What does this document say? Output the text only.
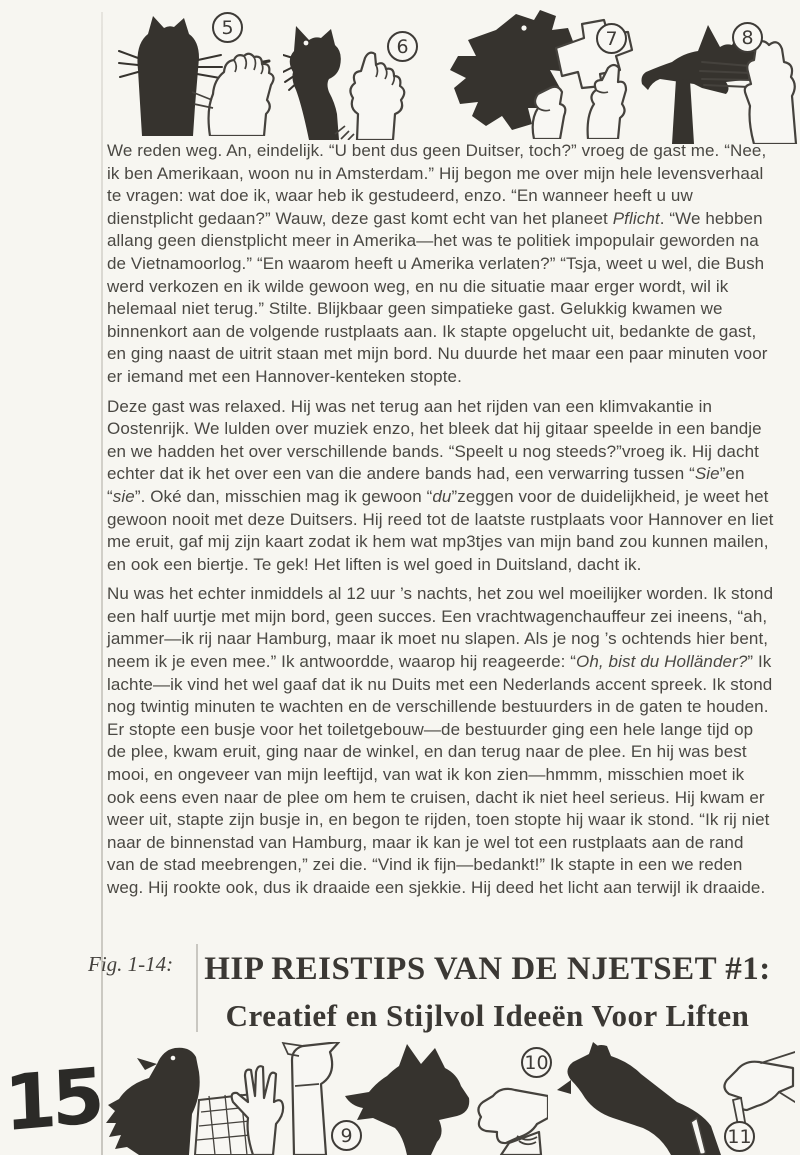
We reden weg. An, eindelijk. “U bent dus geen Duitser, toch?” vroeg de gast me. “Nee, ik ben Amerikaan, woon nu in Amsterdam.” Hij begon me over mijn hele levensverhaal te vragen: wat doe ik, waar heb ik gestudeerd, enzo. “En wanneer heeft u uw dienstplicht gedaan?” Wauw, deze gast komt echt van het planeet Pflicht. “We hebben allang geen dienstplicht meer in Amerika—het was te politiek impopulair geworden na de Vietnamoorlog.” “En waarom heeft u Amerika verlaten?” “Tsja, weet u wel, die Bush werd verkozen en ik wilde gewoon weg, en nu die situatie maar erger wordt, wil ik helemaal niet terug.” Stilte. Blijkbaar geen simpatieke gast. Gelukkig kwamen we binnenkort aan de volgende rustplaats aan. Ik stapte opgelucht uit, bedankte de gast, en ging naast de uitrit staan met mijn bord. Nu duurde het maar een paar minuten voor er iemand met een Hannover-kenteken stopte.

Deze gast was relaxed. Hij was net terug aan het rijden van een klimvakantie in Oostenrijk. We lulden over muziek enzo, het bleek dat hij gitaar speelde in een bandje en we hadden het over verschillende bands. “Speelt u nog steeds?”vroeg ik. Hij dacht echter dat ik het over een van die andere bands had, een verwarring tussen “Sie”en “sie”. Oké dan, misschien mag ik gewoon “du”zeggen voor de duidelijkheid, je weet het gewoon nooit met deze Duitsers. Hij reed tot de laatste rustplaats voor Hannover en liet me eruit, gaf mij zijn kaart zodat ik hem wat mp3tjes van mijn band zou kunnen mailen, en ook een biertje. Te gek! Het liften is wel goed in Duitsland, dacht ik.

Nu was het echter inmiddels al 12 uur ’s nachts, het zou wel moeilijker worden. Ik stond een half uurtje met mijn bord, geen succes. Een vrachtwagenchauffeur zei ineens, “ah, jammer—ik rij naar Hamburg, maar ik moet nu slapen. Als je nog ’s ochtends hier bent, neem ik je even mee.” Ik antwoordde, waarop hij reageerde: “Oh, bist du Holländer?” Ik lachte—ik vind het wel gaaf dat ik nu Duits met een Nederlands accent spreek. Ik stond nog twintig minuten te wachten en de verschillende bestuurders in de gaten te houden. Er stopte een busje voor het toiletgebouw—de bestuurder ging een hele lange tijd op de plee, kwam eruit, ging naar de winkel, en dan terug naar de plee. En hij was best mooi, en ongeveer van mijn leeftijd, van wat ik kon zien—hmmm, misschien moet ik ook eens even naar de plee om hem te cruisen, dacht ik niet heel serieus. Hij kwam er weer uit, stapte zijn busje in, en begon te rijden, toen stopte hij waar ik stond. “Ik rij niet naar de binnenstad van Hamburg, maar ik kan je wel tot een rustplaats aan de rand van de stad meebrengen,” zei die. “Vind ik fijn—bedankt!” Ik stapte in een we reden weg. Hij rookte ook, dus ik draaide een sjekkie. Hij deed het licht aan terwijl ik draaide.

Fig. 1-14: HIP REISTIPS VAN DE NJETSET #1:
Creatief en Stijlvol Ideeën Voor Liften
5
6	7	8
9
10
11
15
